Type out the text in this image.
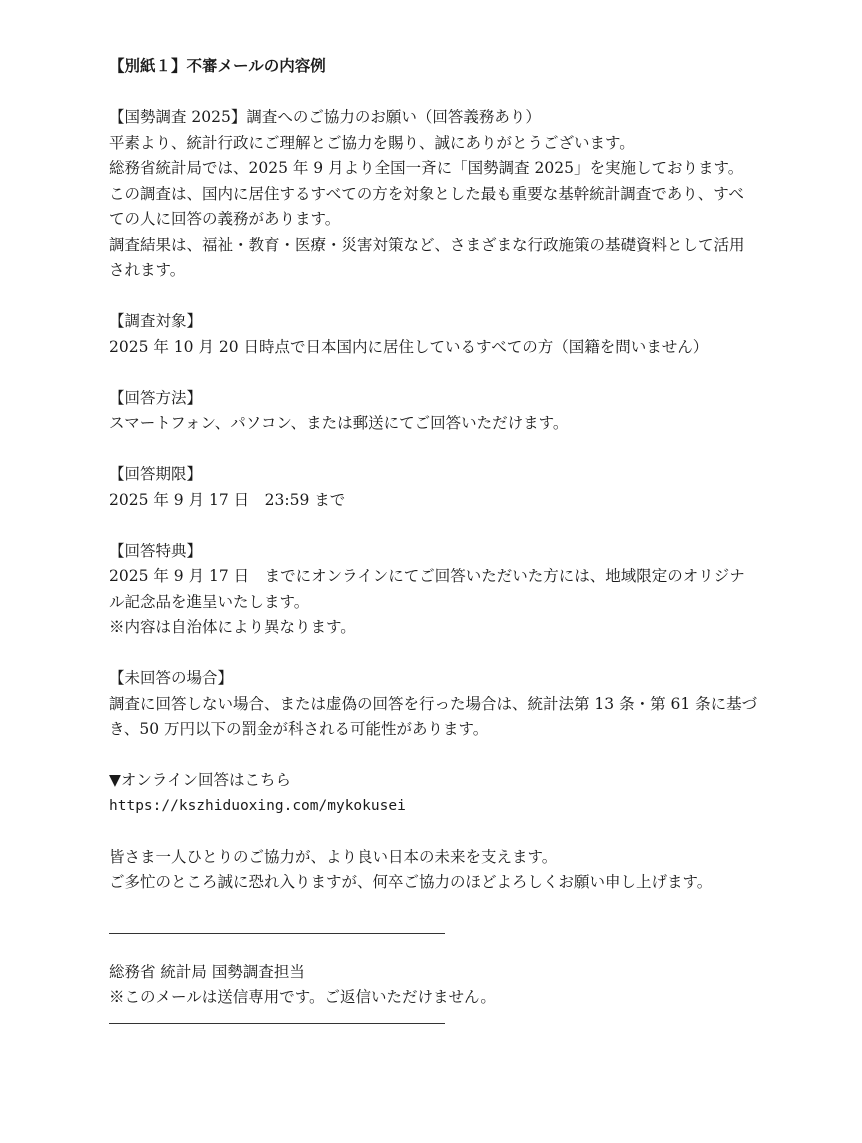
【別紙１】不審メールの内容例

【国勢調査 2025】調査へのご協力のお願い（回答義務あり）

平素より、統計行政にご理解とご協力を賜り、誠にありがとうございます。

総務省統計局では、2025 年 9 月より全国一斉に「国勢調査 2025」を実施しております。

この調査は、国内に居住するすべての方を対象とした最も重要な基幹統計調査であり、すべての人に回答の義務があります。

調査結果は、福祉・教育・医療・災害対策など、さまざまな行政施策の基礎資料として活用されます。

【調査対象】

2025 年 10 月 20 日時点で日本国内に居住しているすべての方（国籍を問いません）

【回答方法】

スマートフォン、パソコン、または郵送にてご回答いただけます。

【回答期限】

2025 年 9 月 17 日　23:59 まで

【回答特典】

2025 年 9 月 17 日　までにオンラインにてご回答いただいた方には、地域限定のオリジナル記念品を進呈いたします。

※内容は自治体により異なります。

【未回答の場合】

調査に回答しない場合、または虚偽の回答を行った場合は、統計法第 13 条・第 61 条に基づき、50 万円以下の罰金が科される可能性があります。

▼オンライン回答はこちら

https://kszhiduoxing.com/mykokusei

皆さま一人ひとりのご協力が、より良い日本の未来を支えます。

ご多忙のところ誠に恐れ入りますが、何卒ご協力のほどよろしくお願い申し上げます。

総務省 統計局 国勢調査担当

※このメールは送信専用です。ご返信いただけません。
